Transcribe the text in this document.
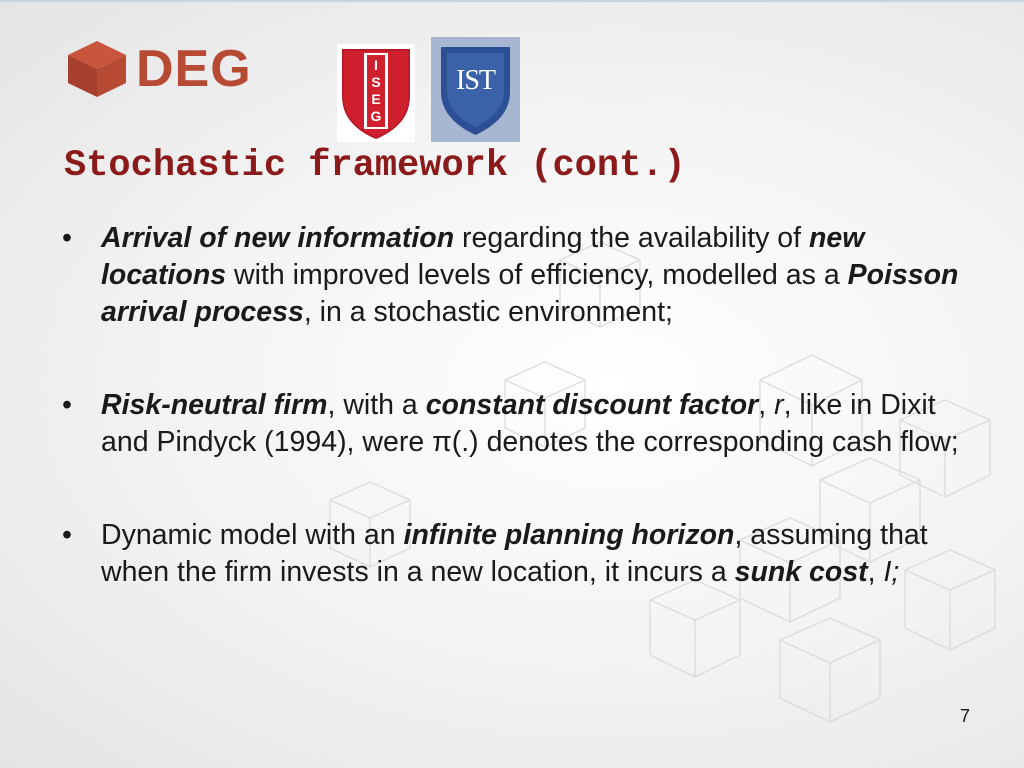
DEG	I
S
E
G
IST
Stochastic framework (cont.)
• Arrival of new information regarding the availability of new locations with improved levels of efficiency, modelled as a Poisson arrival process, in a stochastic environment;
• Risk-neutral firm, with a constant discount factor, r, like in Dixit and Pindyck (1994), were π(.) denotes the corresponding cash flow;
• Dynamic model with an infinite planning horizon, assuming that when the firm invests in a new location, it incurs a sunk cost, I;
7
